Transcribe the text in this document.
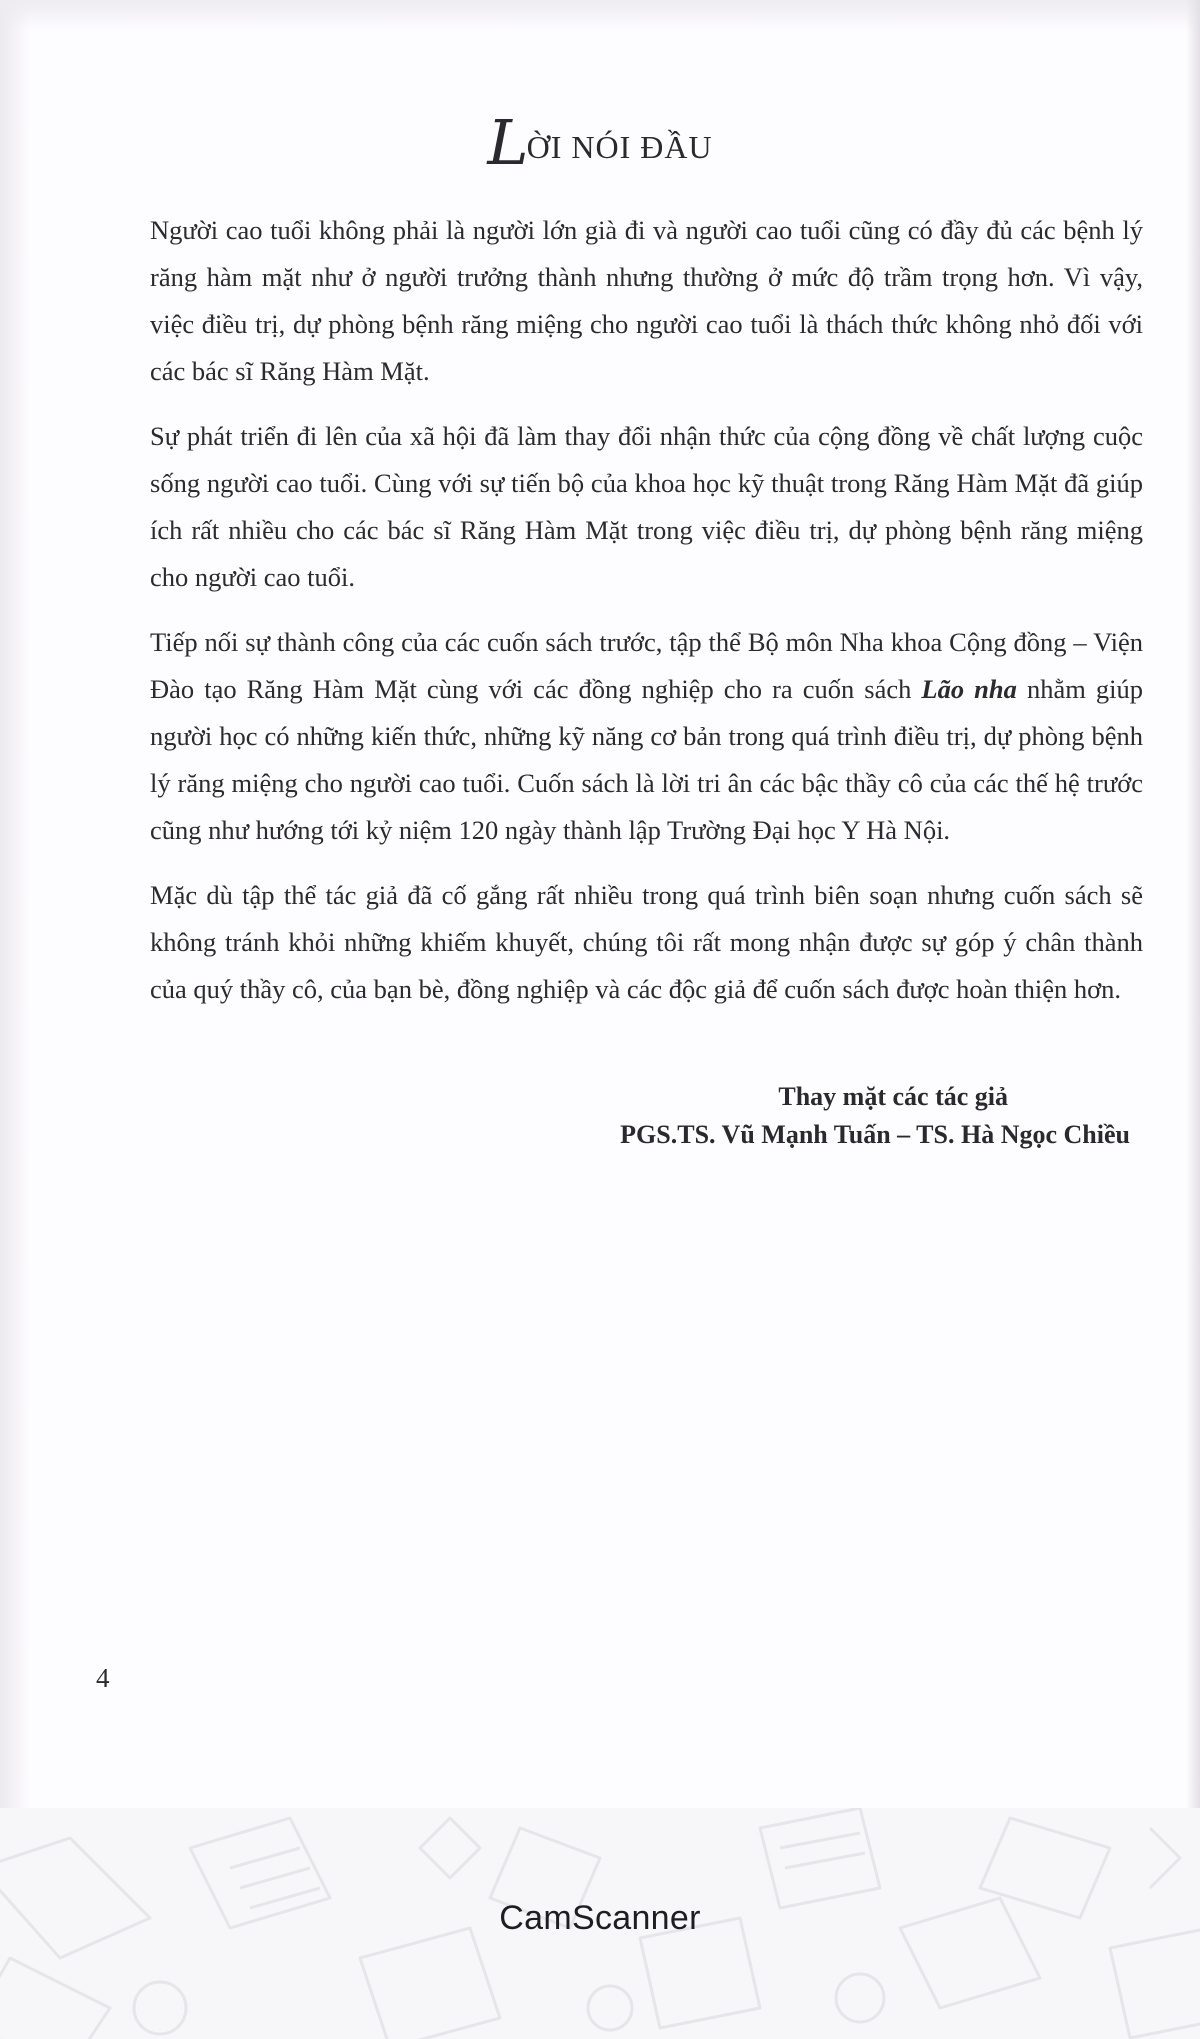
LỜI NÓI ĐẦU

Người cao tuổi không phải là người lớn già đi và người cao tuổi cũng có đầy đủ các bệnh lý răng hàm mặt như ở người trưởng thành nhưng thường ở mức độ trầm trọng hơn. Vì vậy, việc điều trị, dự phòng bệnh răng miệng cho người cao tuổi là thách thức không nhỏ đối với các bác sĩ Răng Hàm Mặt.

Sự phát triển đi lên của xã hội đã làm thay đổi nhận thức của cộng đồng về chất lượng cuộc sống người cao tuổi. Cùng với sự tiến bộ của khoa học kỹ thuật trong Răng Hàm Mặt đã giúp ích rất nhiều cho các bác sĩ Răng Hàm Mặt trong việc điều trị, dự phòng bệnh răng miệng cho người cao tuổi.

Tiếp nối sự thành công của các cuốn sách trước, tập thể Bộ môn Nha khoa Cộng đồng – Viện Đào tạo Răng Hàm Mặt cùng với các đồng nghiệp cho ra cuốn sách Lão nha nhằm giúp người học có những kiến thức, những kỹ năng cơ bản trong quá trình điều trị, dự phòng bệnh lý răng miệng cho người cao tuổi. Cuốn sách là lời tri ân các bậc thầy cô của các thế hệ trước cũng như hướng tới kỷ niệm 120 ngày thành lập Trường Đại học Y Hà Nội.

Mặc dù tập thể tác giả đã cố gắng rất nhiều trong quá trình biên soạn nhưng cuốn sách sẽ không tránh khỏi những khiếm khuyết, chúng tôi rất mong nhận được sự góp ý chân thành của quý thầy cô, của bạn bè, đồng nghiệp và các độc giả để cuốn sách được hoàn thiện hơn.

Thay mặt các tác giả
PGS.TS. Vũ Mạnh Tuấn – TS. Hà Ngọc Chiều
4
CamScanner
